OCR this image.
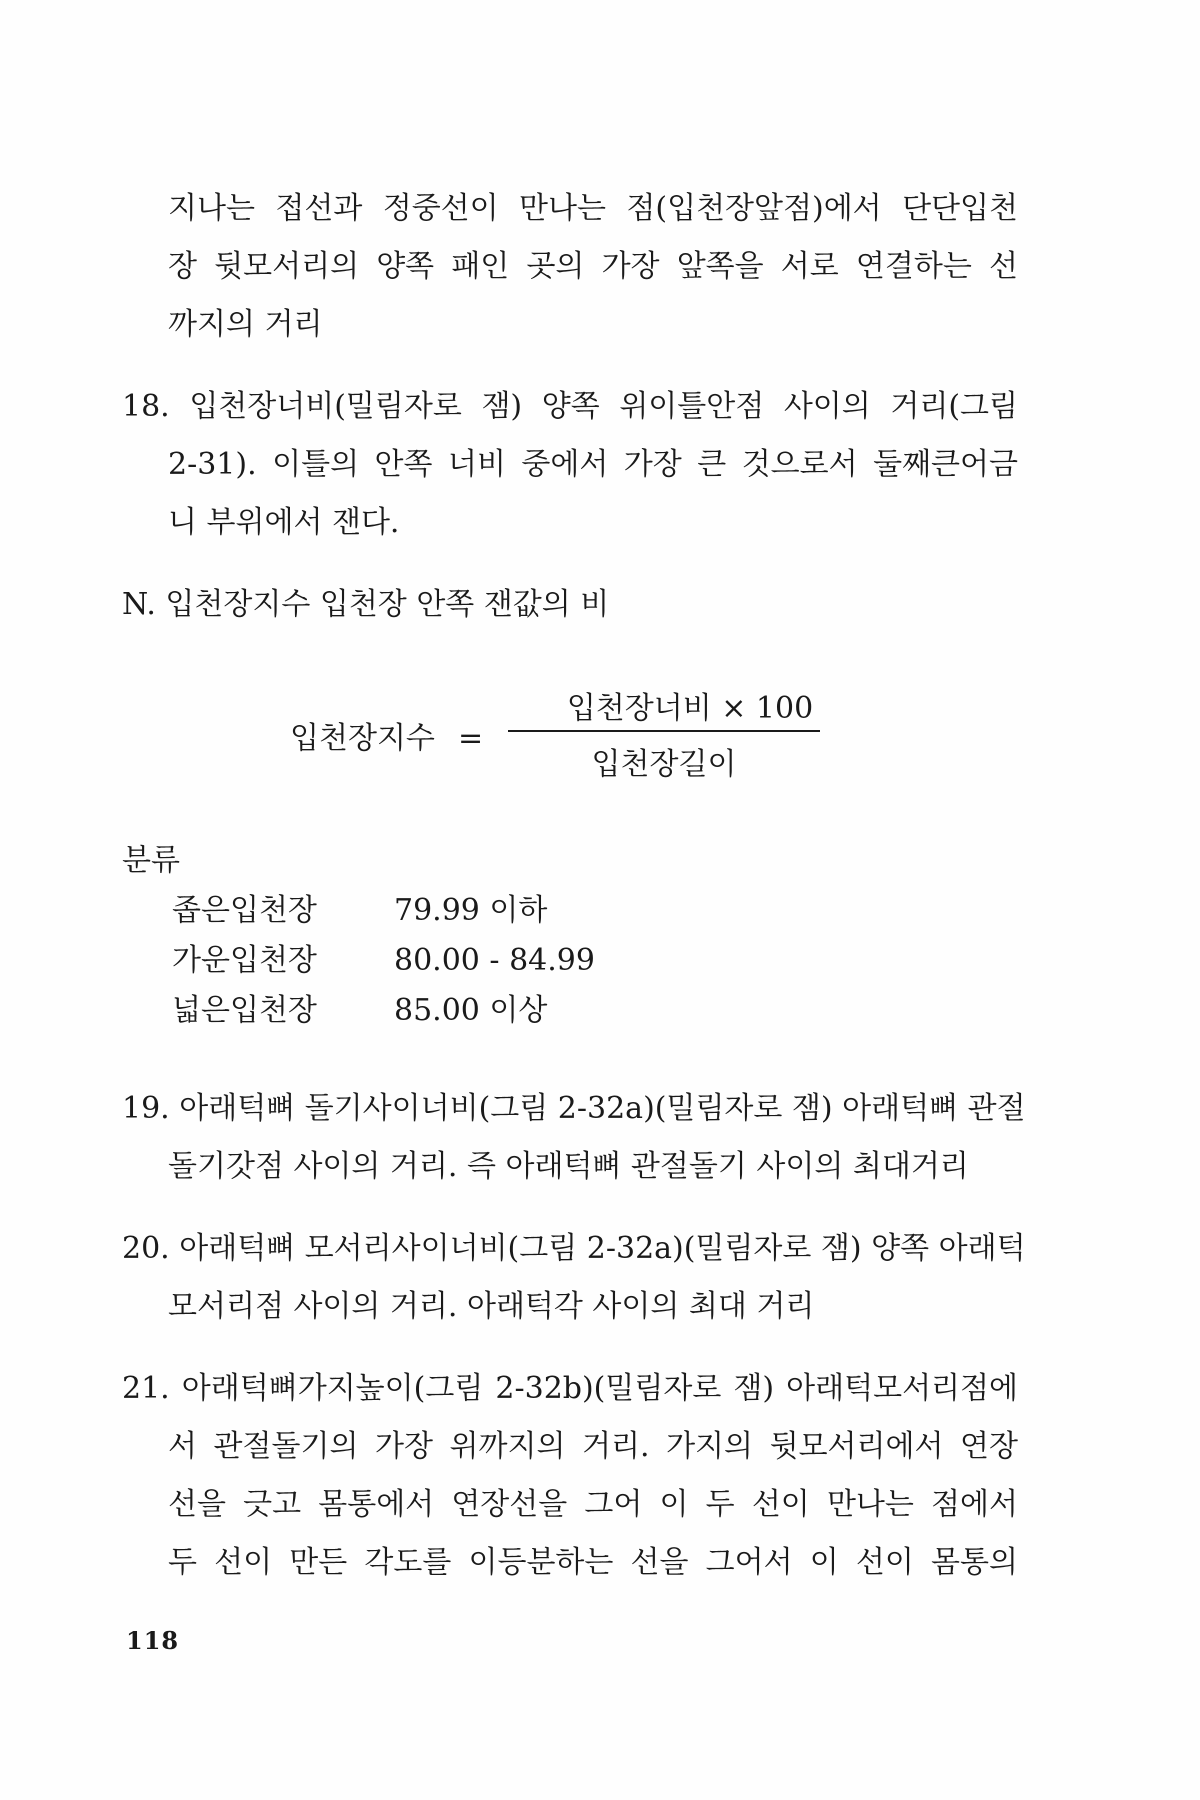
지나는 접선과 정중선이 만나는 점(입천장앞점)에서 단단입천
장 뒷모서리의 양쪽 패인 곳의 가장 앞쪽을 서로 연결하는 선
까지의 거리
18. 입천장너비(밀림자로 잼) 양쪽 위이틀안점 사이의 거리(그림
2-31). 이틀의 안쪽 너비 중에서 가장 큰 것으로서 둘째큰어금
니 부위에서 잰다.
N. 입천장지수 입천장 안쪽 잰값의 비
입천장지수 =
입천장너비 × 100
입천장길이
분류
좁은입천장	79.99 이하
가운입천장	80.00 - 84.99
넓은입천장	85.00 이상
19. 아래턱뼈 돌기사이너비(그림 2-32a)(밀림자로 잼) 아래턱뼈 관절
돌기갓점 사이의 거리. 즉 아래턱뼈 관절돌기 사이의 최대거리
20. 아래턱뼈 모서리사이너비(그림 2-32a)(밀림자로 잼) 양쪽 아래턱
모서리점 사이의 거리. 아래턱각 사이의 최대 거리
21. 아래턱뼈가지높이(그림 2-32b)(밀림자로 잼) 아래턱모서리점에
서 관절돌기의 가장 위까지의 거리. 가지의 뒷모서리에서 연장
선을 긋고 몸통에서 연장선을 그어 이 두 선이 만나는 점에서
두 선이 만든 각도를 이등분하는 선을 그어서 이 선이 몸통의
118
